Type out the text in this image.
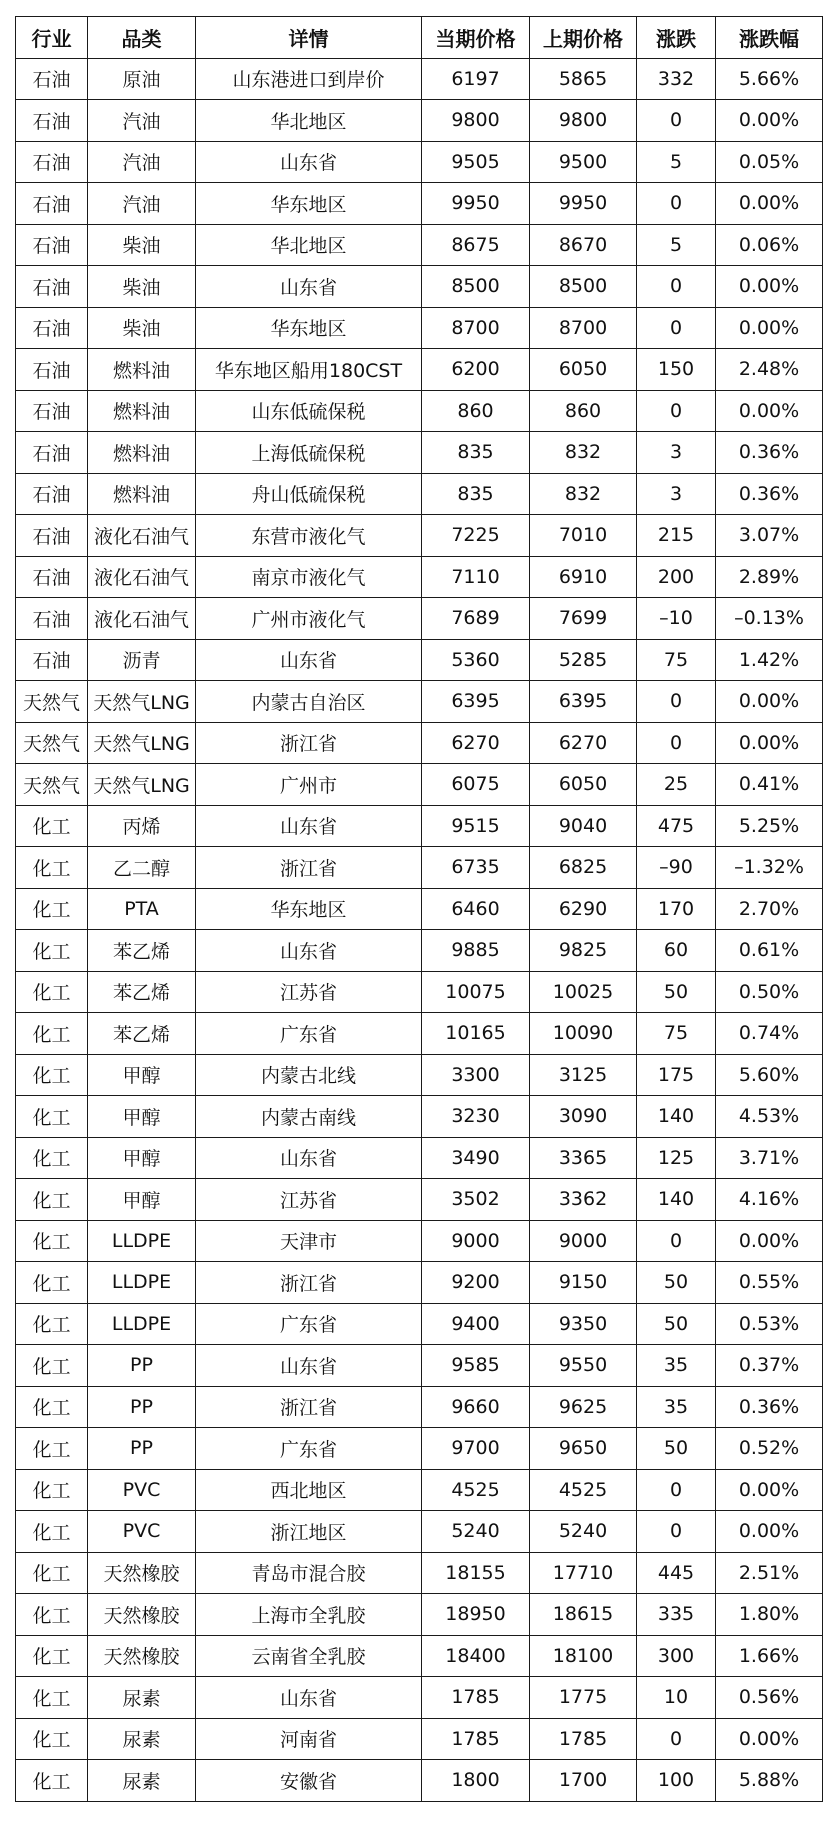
行业	品类	详情	当期价格	上期价格	涨跌	涨跌幅
石油	原油	山东港进口到岸价	6197	5865	332	5.66%
石油	汽油	华北地区	9800	9800	0	0.00%
石油	汽油	山东省	9505	9500	5	0.05%
石油	汽油	华东地区	9950	9950	0	0.00%
石油	柴油	华北地区	8675	8670	5	0.06%
石油	柴油	山东省	8500	8500	0	0.00%
石油	柴油	华东地区	8700	8700	0	0.00%
石油	燃料油	华东地区船用180CST	6200	6050	150	2.48%
石油	燃料油	山东低硫保税	860	860	0	0.00%
石油	燃料油	上海低硫保税	835	832	3	0.36%
石油	燃料油	舟山低硫保税	835	832	3	0.36%
石油	液化石油气	东营市液化气	7225	7010	215	3.07%
石油	液化石油气	南京市液化气	7110	6910	200	2.89%
石油	液化石油气	广州市液化气	7689	7699	–10	–0.13%
石油	沥青	山东省	5360	5285	75	1.42%
天然气	天然气LNG	内蒙古自治区	6395	6395	0	0.00%
天然气	天然气LNG	浙江省	6270	6270	0	0.00%
天然气	天然气LNG	广州市	6075	6050	25	0.41%
化工	丙烯	山东省	9515	9040	475	5.25%
化工	乙二醇	浙江省	6735	6825	–90	–1.32%
化工	PTA	华东地区	6460	6290	170	2.70%
化工	苯乙烯	山东省	9885	9825	60	0.61%
化工	苯乙烯	江苏省	10075	10025	50	0.50%
化工	苯乙烯	广东省	10165	10090	75	0.74%
化工	甲醇	内蒙古北线	3300	3125	175	5.60%
化工	甲醇	内蒙古南线	3230	3090	140	4.53%
化工	甲醇	山东省	3490	3365	125	3.71%
化工	甲醇	江苏省	3502	3362	140	4.16%
化工	LLDPE	天津市	9000	9000	0	0.00%
化工	LLDPE	浙江省	9200	9150	50	0.55%
化工	LLDPE	广东省	9400	9350	50	0.53%
化工	PP	山东省	9585	9550	35	0.37%
化工	PP	浙江省	9660	9625	35	0.36%
化工	PP	广东省	9700	9650	50	0.52%
化工	PVC	西北地区	4525	4525	0	0.00%
化工	PVC	浙江地区	5240	5240	0	0.00%
化工	天然橡胶	青岛市混合胶	18155	17710	445	2.51%
化工	天然橡胶	上海市全乳胶	18950	18615	335	1.80%
化工	天然橡胶	云南省全乳胶	18400	18100	300	1.66%
化工	尿素	山东省	1785	1775	10	0.56%
化工	尿素	河南省	1785	1785	0	0.00%
化工	尿素	安徽省	1800	1700	100	5.88%
